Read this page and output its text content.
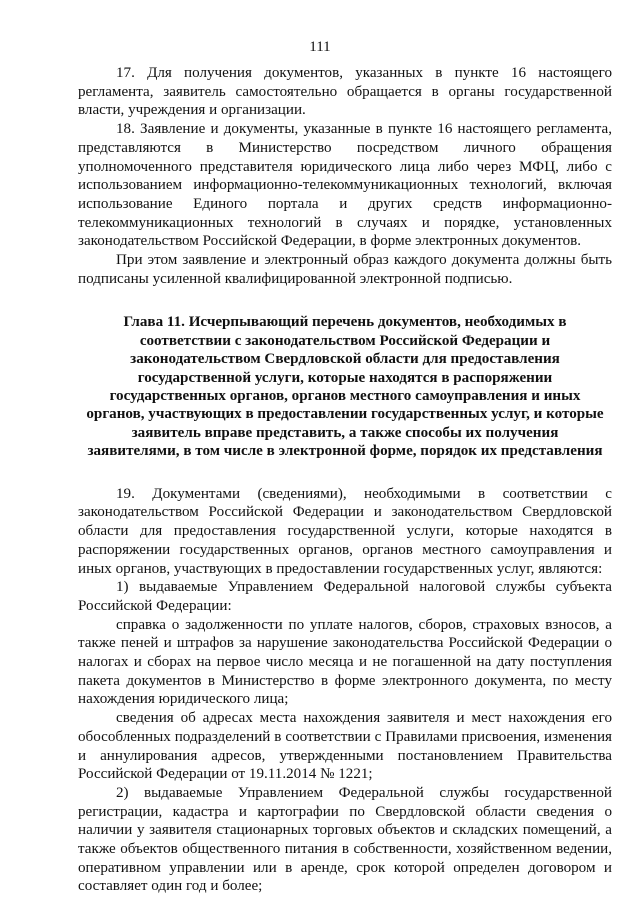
111

17. Для получения документов, указанных в пункте 16 настоящего регламента, заявитель самостоятельно обращается в органы государственной власти, учреждения и организации.

18. Заявление и документы, указанные в пункте 16 настоящего регламента, представляются в Министерство посредством личного обращения уполномоченного представителя юридического лица либо через МФЦ, либо с использованием информационно-телекоммуникационных технологий, включая использование Единого портала и других средств информационно-телекоммуникационных технологий в случаях и порядке, установленных законодательством Российской Федерации, в форме электронных документов.

При этом заявление и электронный образ каждого документа должны быть подписаны усиленной квалифицированной электронной подписью.

Глава 11. Исчерпывающий перечень документов, необходимых в соответствии с законодательством Российской Федерации и законодательством Свердловской области для предоставления государственной услуги, которые находятся в распоряжении государственных органов, органов местного самоуправления и иных органов, участвующих в предоставлении государственных услуг, и которые заявитель вправе представить, а также способы их получения заявителями, в том числе в электронной форме, порядок их представления

19. Документами (сведениями), необходимыми в соответствии с законодательством Российской Федерации и законодательством Свердловской области для предоставления государственной услуги, которые находятся в распоряжении государственных органов, органов местного самоуправления и иных органов, участвующих в предоставлении государственных услуг, являются:

1) выдаваемые Управлением Федеральной налоговой службы субъекта Российской Федерации:

справка о задолженности по уплате налогов, сборов, страховых взносов, а также пеней и штрафов за нарушение законодательства Российской Федерации о налогах и сборах на первое число месяца и не погашенной на дату поступления пакета документов в Министерство в форме электронного документа, по месту нахождения юридического лица;

сведения об адресах места нахождения заявителя и мест нахождения его обособленных подразделений в соответствии с Правилами присвоения, изменения и аннулирования адресов, утвержденными постановлением Правительства Российской Федерации от 19.11.2014 № 1221;

2) выдаваемые Управлением Федеральной службы государственной регистрации, кадастра и картографии по Свердловской области сведения о наличии у заявителя стационарных торговых объектов и складских помещений, а также объектов общественного питания в собственности, хозяйственном ведении, оперативном управлении или в аренде, срок которой определен договором и составляет один год и более;
